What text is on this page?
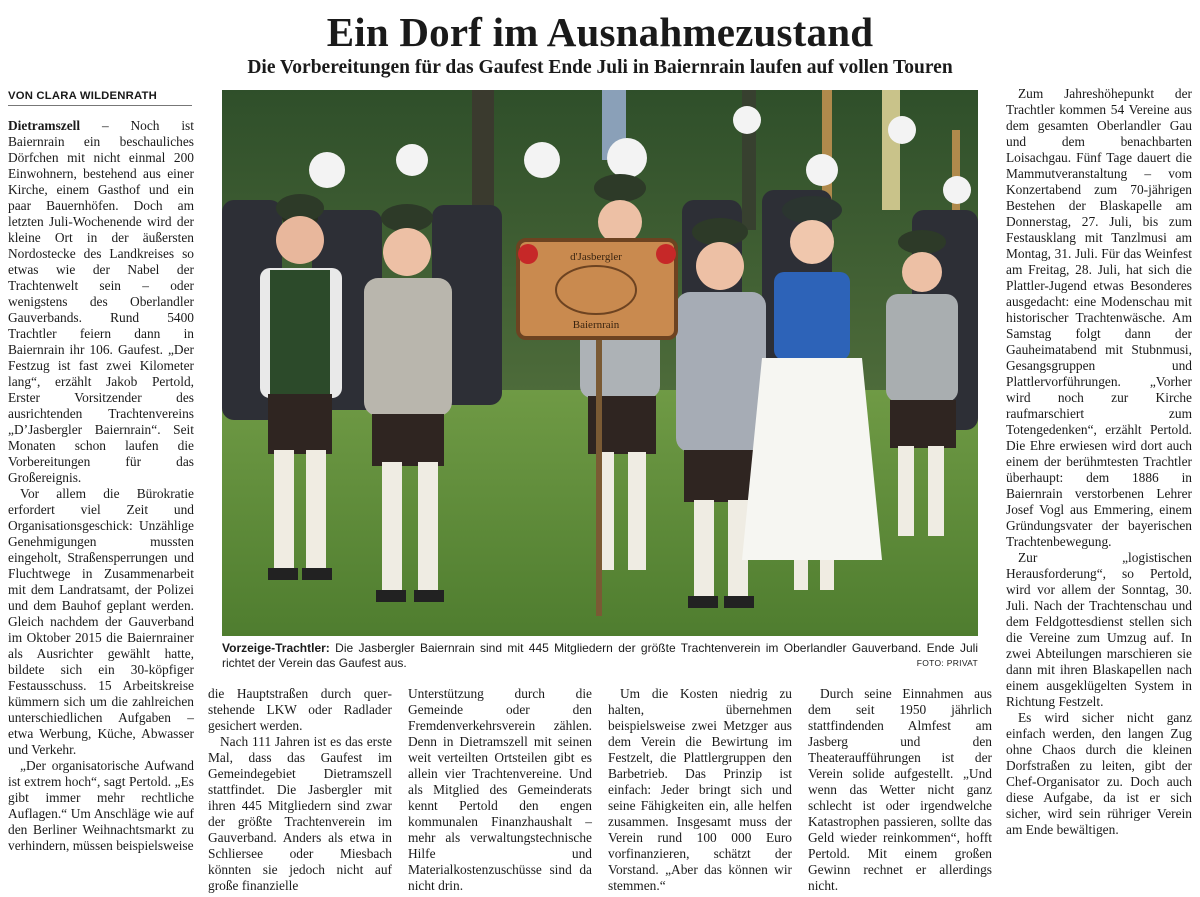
Ein Dorf im Ausnahmezustand
Die Vorbereitungen für das Gaufest Ende Juli in Baiernrain laufen auf vollen Touren
VON CLARA WILDENRATH

Dietramszell – Noch ist Baiernrain ein beschauliches Dörfchen mit nicht einmal 200 Einwohnern, bestehend aus einer Kirche, einem Gasthof und ein paar Bauernhöfen. Doch am letzten Juli-Wochenende wird der kleine Ort in der äußersten Nordostecke des Landkreises so etwas wie der Nabel der Trachtenwelt sein – oder wenigstens des Oberlandler Gauverbands. Rund 5400 Trachtler feiern dann in Baiernrain ihr 106. Gaufest. „Der Festzug ist fast zwei Kilometer lang“, erzählt Jakob Pertold, Erster Vorsitzender des ausrichtenden Trachtenvereins „D’Jasbergler Baiernrain“. Seit Monaten schon laufen die Vorbereitungen für das Großereignis.

Vor allem die Bürokratie erfordert viel Zeit und Organisationsgeschick: Unzählige Genehmigungen mussten eingeholt, Straßensperrungen und Fluchtwege in Zusammenarbeit mit dem Landratsamt, der Polizei und dem Bauhof geplant werden. Gleich nachdem der Gauverband im Oktober 2015 die Baiernrainer als Ausrichter gewählt hatte, bildete sich ein 30-köpfiger Festausschuss. 15 Arbeitskreise kümmern sich um die zahlreichen unterschiedlichen Aufgaben – etwa Werbung, Küche, Abwasser und Verkehr.

„Der organisatorische Aufwand ist extrem hoch“, sagt Pertold. „Es gibt immer mehr rechtliche Auflagen.“ Um Anschläge wie auf den Berliner Weihnachtsmarkt zu verhindern, müssen beispielsweise

d'Jasbergler
Baiernrain
Vorzeige-Trachtler: Die Jasbergler Baiernrain sind mit 445 Mitgliedern der größte Trachtenverein im Oberlandler Gauverband. Ende Juli richtet der Verein das Gaufest aus.	FOTO: PRIVAT

die Hauptstraßen durch querstehende LKW oder Radlader gesichert werden.

Nach 111 Jahren ist es das erste Mal, dass das Gaufest im Gemeindegebiet Dietramszell stattfindet. Die Jasbergler mit ihren 445 Mitgliedern sind zwar der größte Trachtenverein im Gauverband. Anders als etwa in Schliersee oder Miesbach könnten sie jedoch nicht auf große finanzielle

Unterstützung durch die Gemeinde oder den Fremdenverkehrsverein zählen. Denn in Dietramszell mit seinen weit verteilten Ortsteilen gibt es allein vier Trachtenvereine. Und als Mitglied des Gemeinderats kennt Pertold den engen kommunalen Finanzhaushalt – mehr als verwaltungstechnische Hilfe und Materialkostenzuschüsse sind da nicht drin.

Um die Kosten niedrig zu halten, übernehmen beispielsweise zwei Metzger aus dem Verein die Bewirtung im Festzelt, die Plattlergruppen den Barbetrieb. Das Prinzip ist einfach: Jeder bringt sich und seine Fähigkeiten ein, alle helfen zusammen. Insgesamt muss der Verein rund 100 000 Euro vorfinanzieren, schätzt der Vorstand. „Aber das können wir stemmen.“

Durch seine Einnahmen aus dem seit 1950 jährlich stattfindenden Almfest am Jasberg und den Theateraufführungen ist der Verein solide aufgestellt. „Und wenn das Wetter nicht ganz schlecht ist oder irgendwelche Katastrophen passieren, sollte das Geld wieder reinkommen“, hofft Pertold. Mit einem großen Gewinn rechnet er allerdings nicht.

Zum Jahreshöhepunkt der Trachtler kommen 54 Vereine aus dem gesamten Oberlandler Gau und dem benachbarten Loisachgau. Fünf Tage dauert die Mammutveranstaltung – vom Konzertabend zum 70-jährigen Bestehen der Blaskapelle am Donnerstag, 27. Juli, bis zum Festausklang mit Tanzlmusi am Montag, 31. Juli. Für das Weinfest am Freitag, 28. Juli, hat sich die Plattler-Jugend etwas Besonderes ausgedacht: eine Modenschau mit historischer Trachtenwäsche. Am Samstag folgt dann der Gauheimatabend mit Stubnmusi, Gesangsgruppen und Plattlervorführungen. „Vorher wird noch zur Kirche raufmarschiert zum Totengedenken“, erzählt Pertold. Die Ehre erwiesen wird dort auch einem der berühmtesten Trachtler überhaupt: dem 1886 in Baiernrain verstorbenen Lehrer Josef Vogl aus Emmering, einem Gründungsvater der bayerischen Trachtenbewegung.

Zur „logistischen Herausforderung“, so Pertold, wird vor allem der Sonntag, 30. Juli. Nach der Trachtenschau und dem Feldgottesdienst stellen sich die Vereine zum Umzug auf. In zwei Abteilungen marschieren sie dann mit ihren Blaskapellen nach einem ausgeklügelten System in Richtung Festzelt.

Es wird sicher nicht ganz einfach werden, den langen Zug ohne Chaos durch die kleinen Dorfstraßen zu leiten, gibt der Chef-Organisator zu. Doch auch diese Aufgabe, da ist er sich sicher, wird sein rühriger Verein am Ende bewältigen.
